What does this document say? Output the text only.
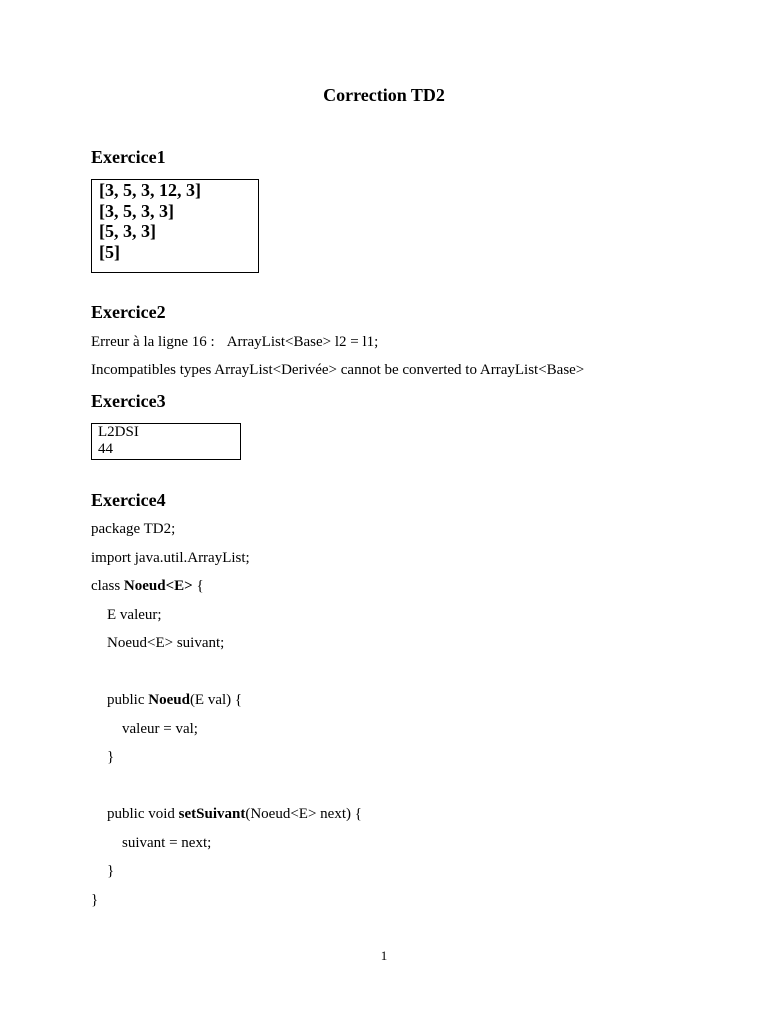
Correction TD2
Exercice1
[3, 5, 3, 12, 3]
[3, 5, 3, 3]
[5, 3, 3]
[5]
Exercice2
Erreur à la ligne 16 : ArrayList<Base> l2 = l1;
Incompatibles types ArrayList<Derivée> cannot be converted to ArrayList<Base>
Exercice3
L2DSI
44
Exercice4
package TD2;
import java.util.ArrayList;
class Noeud<E> {
E valeur;
Noeud<E> suivant;
public Noeud(E val) {
valeur = val;
}
public void setSuivant(Noeud<E> next) {
suivant = next;
}
}
1
